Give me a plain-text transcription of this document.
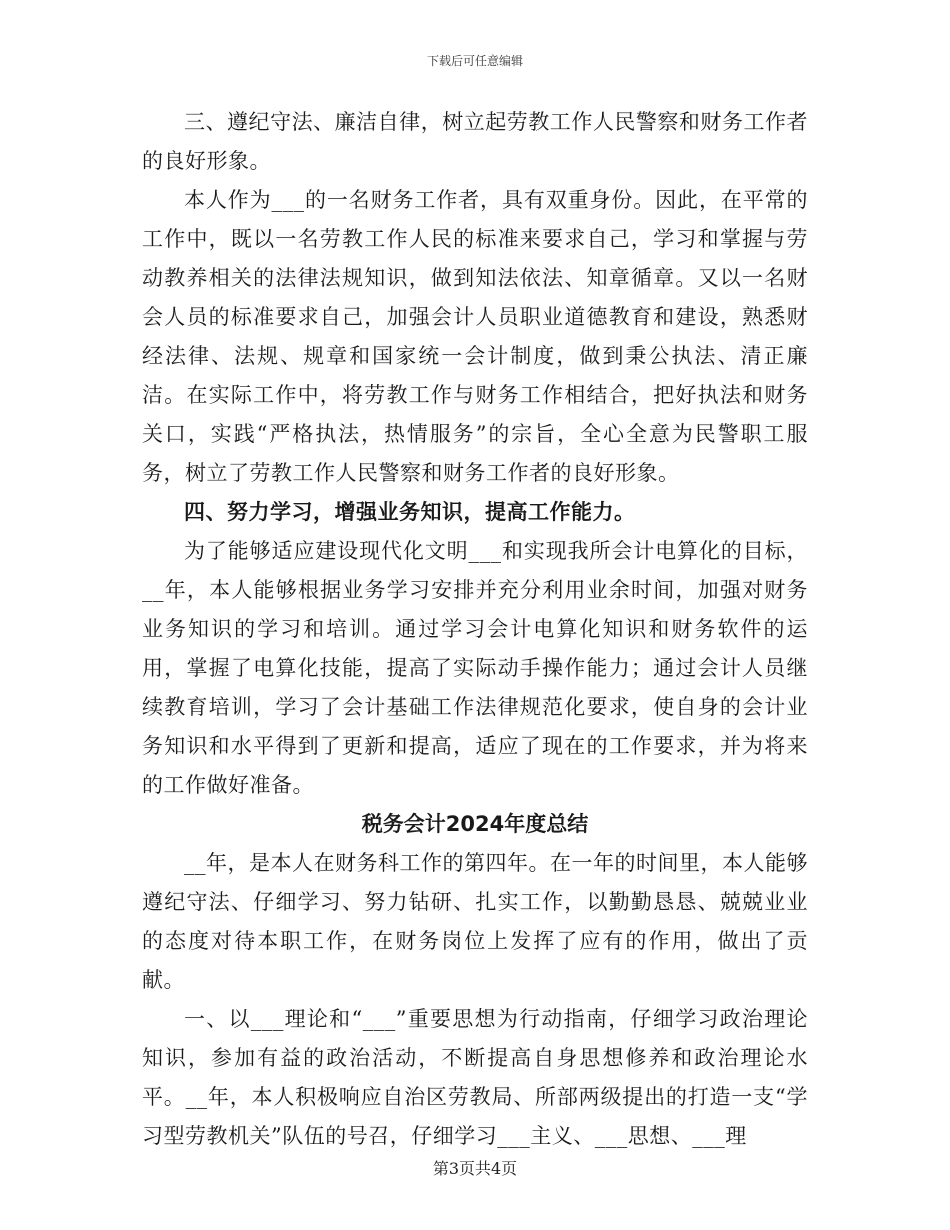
下载后可任意编辑

三、遵纪守法、廉洁自律，树立起劳教工作人民警察和财务工作者的良好形象。

本人作为___的一名财务工作者，具有双重身份。因此，在平常的工作中，既以一名劳教工作人民的标准来要求自己，学习和掌握与劳动教养相关的法律法规知识，做到知法依法、知章循章。又以一名财会人员的标准要求自己，加强会计人员职业道德教育和建设，熟悉财经法律、法规、规章和国家统一会计制度，做到秉公执法、清正廉洁。在实际工作中，将劳教工作与财务工作相结合，把好执法和财务关口，实践“严格执法，热情服务”的宗旨，全心全意为民警职工服务，树立了劳教工作人民警察和财务工作者的良好形象。

四、努力学习，增强业务知识，提高工作能力。

为了能够适应建设现代化文明___和实现我所会计电算化的目标，__年，本人能够根据业务学习安排并充分利用业余时间，加强对财务业务知识的学习和培训。通过学习会计电算化知识和财务软件的运用，掌握了电算化技能，提高了实际动手操作能力；通过会计人员继续教育培训，学习了会计基础工作法律规范化要求，使自身的会计业务知识和水平得到了更新和提高，适应了现在的工作要求，并为将来的工作做好准备。

税务会计2024年度总结

__年，是本人在财务科工作的第四年。在一年的时间里，本人能够遵纪守法、仔细学习、努力钻研、扎实工作，以勤勤恳恳、兢兢业业的态度对待本职工作，在财务岗位上发挥了应有的作用，做出了贡献。

一、以___理论和“___”重要思想为行动指南，仔细学习政治理论知识，参加有益的政治活动，不断提高自身思想修养和政治理论水平。__年，本人积极响应自治区劳教局、所部两级提出的打造一支“学习型劳教机关”队伍的号召，仔细学习___主义、___思想、___理

第3页共4页
